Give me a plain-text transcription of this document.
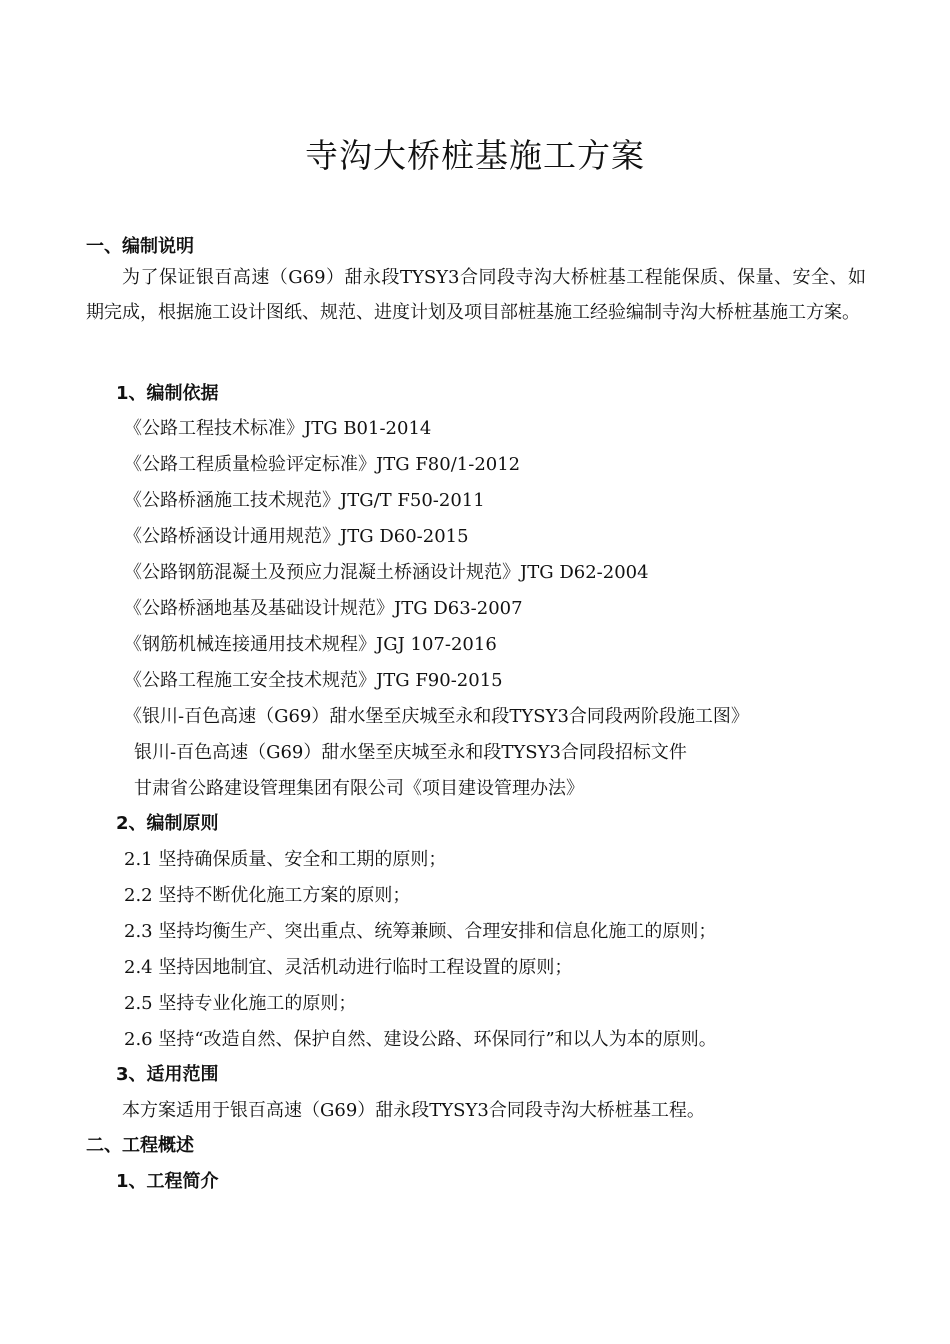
寺沟大桥桩基施工方案
一、编制说明
为了保证银百高速（G69）甜永段TYSY3合同段寺沟大桥桩基工程能保质、保量、安全、如期完成，根据施工设计图纸、规范、进度计划及项目部桩基施工经验编制寺沟大桥桩基施工方案。
1、编制依据
《公路工程技术标准》JTG B01-2014
《公路工程质量检验评定标准》JTG F80/1-2012
《公路桥涵施工技术规范》JTG/T F50-2011
《公路桥涵设计通用规范》JTG D60-2015
《公路钢筋混凝土及预应力混凝土桥涵设计规范》JTG D62-2004
《公路桥涵地基及基础设计规范》JTG D63-2007
《钢筋机械连接通用技术规程》JGJ 107-2016
《公路工程施工安全技术规范》JTG F90-2015
《银川-百色高速（G69）甜水堡至庆城至永和段TYSY3合同段两阶段施工图》
银川-百色高速（G69）甜水堡至庆城至永和段TYSY3合同段招标文件
甘肃省公路建设管理集团有限公司《项目建设管理办法》
2、编制原则
2.1 坚持确保质量、安全和工期的原则；
2.2 坚持不断优化施工方案的原则；
2.3 坚持均衡生产、突出重点、统筹兼顾、合理安排和信息化施工的原则；
2.4 坚持因地制宜、灵活机动进行临时工程设置的原则；
2.5 坚持专业化施工的原则；
2.6 坚持“改造自然、保护自然、建设公路、环保同行”和以人为本的原则。
3、适用范围
本方案适用于银百高速（G69）甜永段TYSY3合同段寺沟大桥桩基工程。
二、工程概述
1、工程简介
